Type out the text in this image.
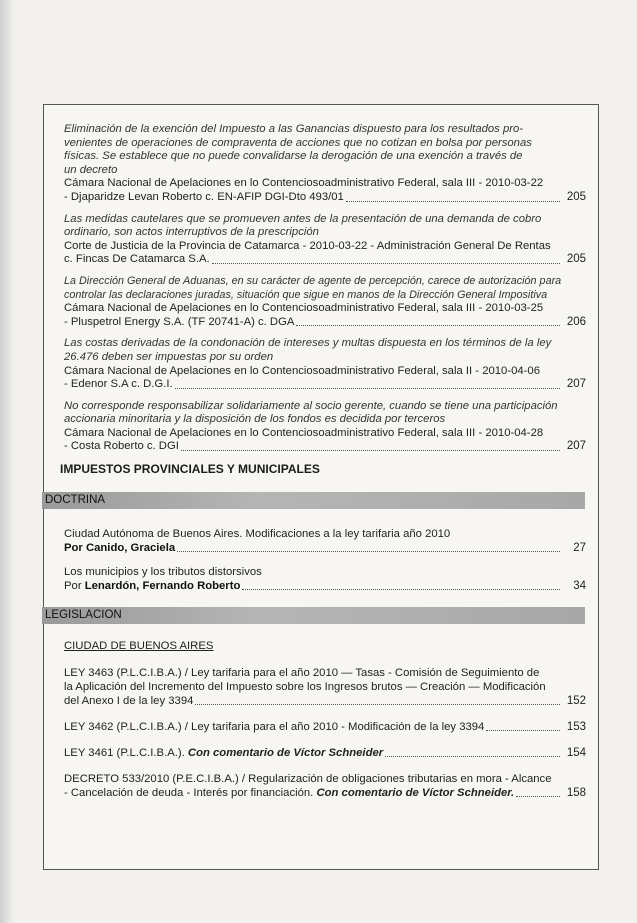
Eliminación de la exención del Impuesto a las Ganancias dispuesto para los resultados pro-
venientes de operaciones de compraventa de acciones que no cotizan en bolsa por personas
físicas. Se establece que no puede convalidarse la derogación de una exención a través de
un decreto
Cámara Nacional de Apelaciones en lo Contenciosoadministrativo Federal, sala III - 2010-03-22
- Djaparidze Levan Roberto c. EN-AFIP DGI-Dto 493/01	205
Las medidas cautelares que se promueven antes de la presentación de una demanda de cobro
ordinario, son actos interruptivos de la prescripción
Corte de Justicia de la Provincia de Catamarca - 2010-03-22 - Administración General De Rentas
c. Fincas De Catamarca S.A.	205
La Dirección General de Aduanas, en su carácter de agente de percepción, carece de autorización para
controlar las declaraciones juradas, situación que sigue en manos de la Dirección General Impositiva
Cámara Nacional de Apelaciones en lo Contenciosoadministrativo Federal, sala III - 2010-03-25
- Pluspetrol Energy S.A. (TF 20741-A) c. DGA	206
Las costas derivadas de la condonación de intereses y multas dispuesta en los términos de la ley
26.476 deben ser impuestas por su orden
Cámara Nacional de Apelaciones en lo Contenciosoadministrativo Federal, sala II - 2010-04-06
- Edenor S.A c. D.G.I.	207
No corresponde responsabilizar solidariamente al socio gerente, cuando se tiene una participación
accionaria minoritaria y la disposición de los fondos es decidida por terceros
Cámara Nacional de Apelaciones en lo Contenciosoadministrativo Federal, sala III - 2010-04-28
- Costa Roberto c. DGI	207
IMPUESTOS PROVINCIALES Y MUNICIPALES
DOCTRINA
Ciudad Autónoma de Buenos Aires. Modificaciones a la ley tarifaria año 2010
Por Canido, Graciela	27
Los municipios y los tributos distorsivos
Por Lenardón, Fernando Roberto	34
LEGISLACION
CIUDAD DE BUENOS AIRES
LEY 3463 (P.L.C.I.B.A.) / Ley tarifaria para el año 2010 — Tasas - Comisión de Seguimiento de
la Aplicación del Incremento del Impuesto sobre los Ingresos brutos — Creación — Modificación
del Anexo I de la ley 3394	152
LEY 3462 (P.L.C.I.B.A.) / Ley tarifaria para el año 2010 - Modificación de la ley 3394	153
LEY 3461 (P.L.C.I.B.A.). Con comentario de Víctor Schneider	154
DECRETO 533/2010 (P.E.C.I.B.A.) / Regularización de obligaciones tributarias en mora - Alcance
- Cancelación de deuda - Interés por financiación. Con comentario de Víctor Schneider.	158
